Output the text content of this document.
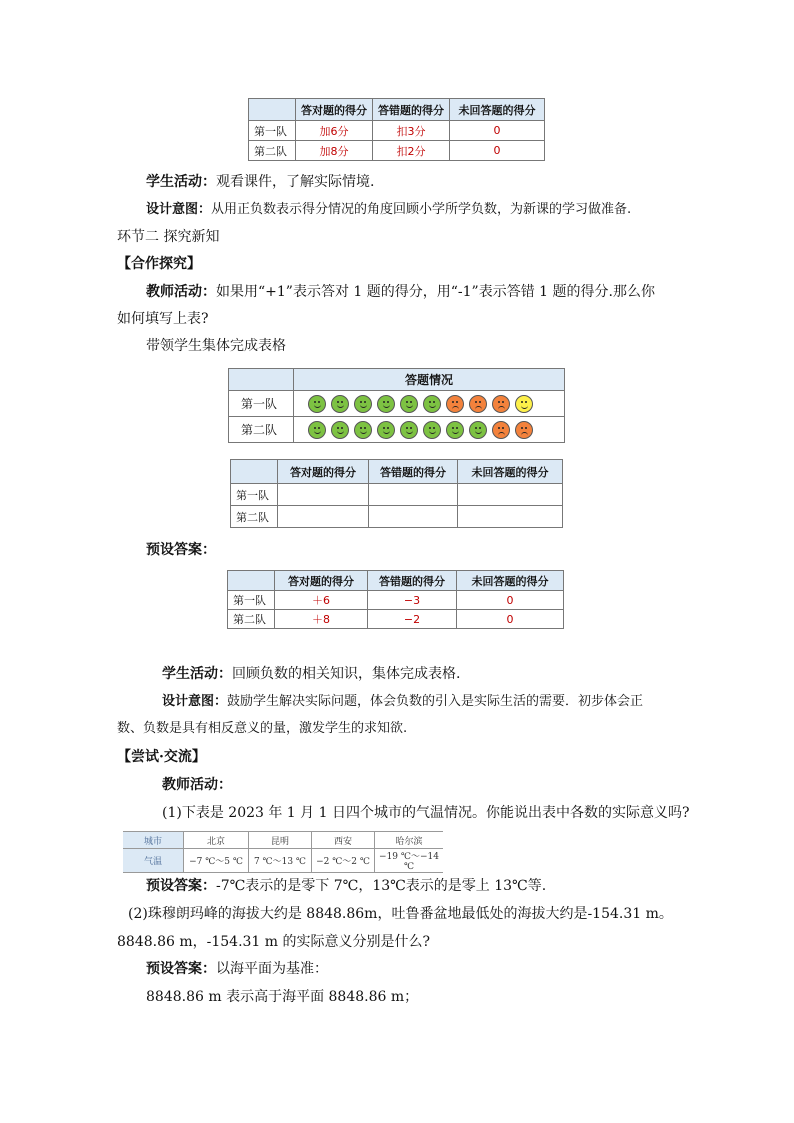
	答对题的得分	答错题的得分	未回答题的得分
第一队	加6分	扣3分	0
第二队	加8分	扣2分	0
学生活动：观看课件，了解实际情境.
设计意图：从用正负数表示得分情况的角度回顾小学所学负数，为新课的学习做准备.
环节二 探究新知
【合作探究】
教师活动：如果用“+1”表示答对 1 题的得分，用“-1”表示答错 1 题的得分.那么你
如何填写上表?
带领学生集体完成表格
	答题情况
第一队	

第二队	
	答对题的得分	答错题的得分	未回答题的得分
第一队			
第二队			
预设答案：
	答对题的得分	答错题的得分	未回答题的得分
第一队	＋6	−3	0
第二队	＋8	−2	0
学生活动：回顾负数的相关知识，集体完成表格.
设计意图：鼓励学生解决实际问题，体会负数的引入是实际生活的需要．初步体会正
数、负数是具有相反意义的量，激发学生的求知欲.
【尝试·交流】
教师活动：
(1)下表是 2023 年 1 月 1 日四个城市的气温情况。你能说出表中各数的实际意义吗?
城市	北京	昆明	西安	哈尔滨
气温	−7 ℃～5 ℃	7 ℃～13 ℃	−2 ℃～2 ℃	−19 ℃～−14 ℃
预设答案：-7℃表示的是零下 7℃，13℃表示的是零上 13℃等.
(2)珠穆朗玛峰的海拔大约是 8848.86m，吐鲁番盆地最低处的海拔大约是-154.31 m。
8848.86 m，-154.31 m 的实际意义分别是什么?
预设答案：以海平面为基准：
8848.86 m 表示高于海平面 8848.86 m；
